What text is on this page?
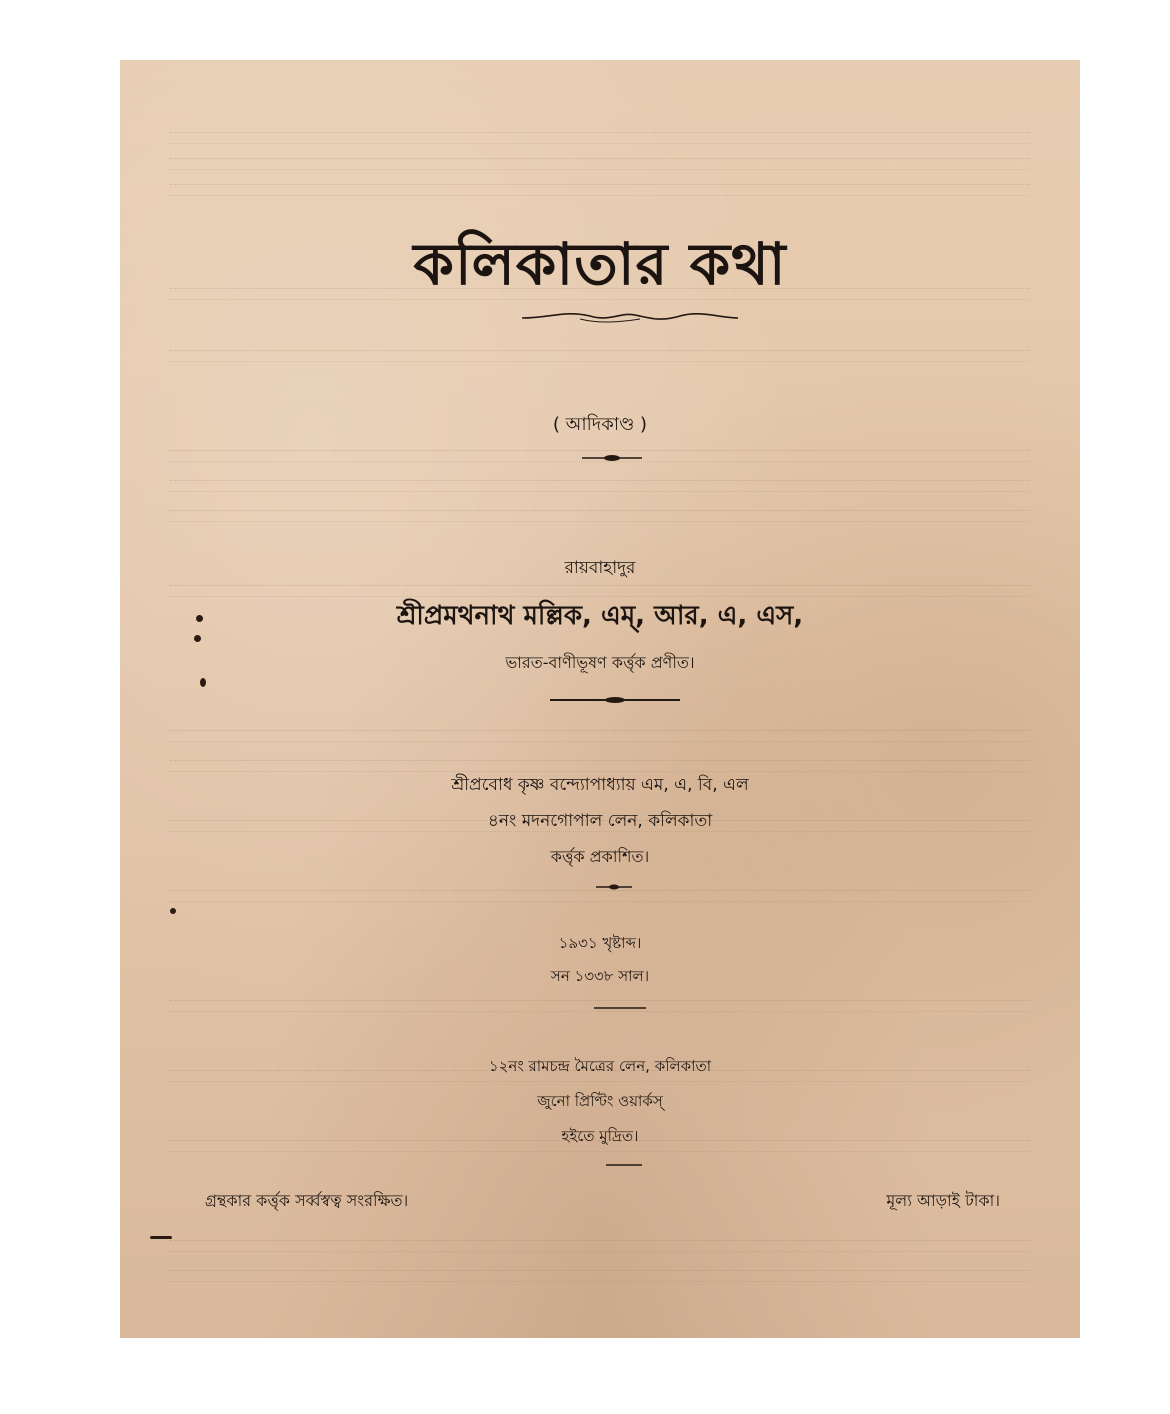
কলিকাতার কথা
( আদিকাণ্ড )
রায়বাহাদুর
শ্রীপ্রমথনাথ মল্লিক, এম্‌, আর, এ, এস,
ভারত-বাণীভূষণ কর্ত্তৃক প্রণীত।
শ্রীপ্রবোধ কৃষ্ণ বন্দ্যোপাধ্যায় এম, এ, বি, এল
৪নং মদনগোপাল লেন, কলিকাতা
কর্ত্তৃক প্রকাশিত।
১৯৩১ খৃষ্টাব্দ।
সন ১৩৩৮ সাল।
১২নং রামচন্দ্র মৈত্রের লেন, কলিকাতা
জুনো প্রিণ্টিং ওয়ার্কস্‌
হইতে মুদ্রিত।
গ্রন্থকার কর্ত্তৃক সর্ব্বস্বত্ব সংরক্ষিত।	মূল্য আড়াই টাকা।
